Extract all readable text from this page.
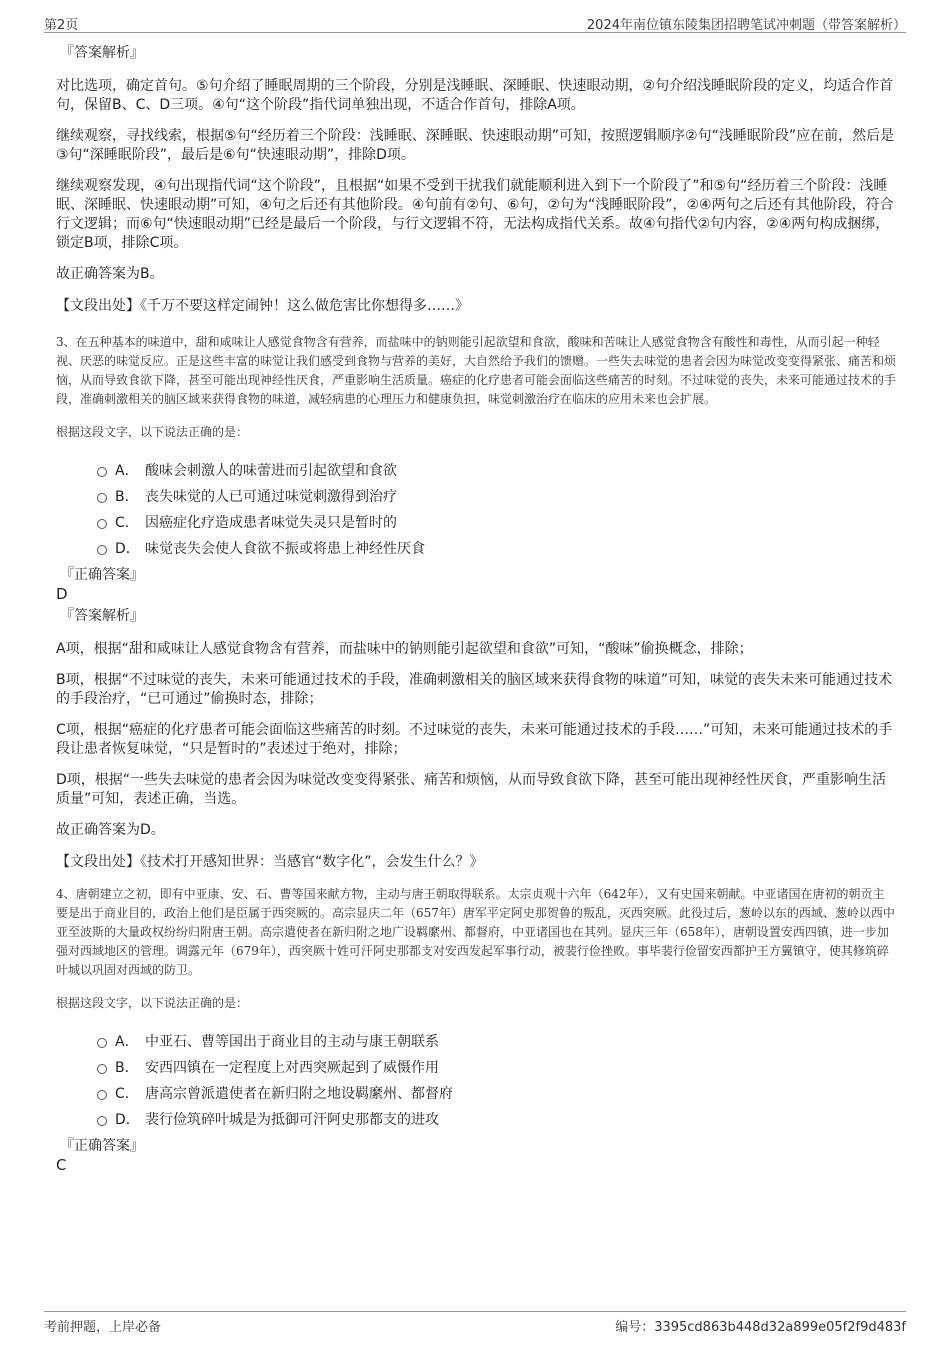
第2页	2024年南位镇东陵集团招聘笔试冲刺题（带答案解析）
『答案解析』

对比选项，确定首句。⑤句介绍了睡眠周期的三个阶段，分别是浅睡眠、深睡眠、快速眼动期，②句介绍浅睡眠阶段的定义，均适合作首句，保留B、C、D三项。④句“这个阶段”指代词单独出现，不适合作首句，排除A项。

继续观察，寻找线索，根据⑤句“经历着三个阶段：浅睡眠、深睡眠、快速眼动期”可知，按照逻辑顺序②句“浅睡眠阶段”应在前，然后是③句“深睡眠阶段”，最后是⑥句“快速眼动期”，排除D项。

继续观察发现，④句出现指代词“这个阶段”，且根据“如果不受到干扰我们就能顺利进入到下一个阶段了”和⑤句“经历着三个阶段：浅睡眠、深睡眠、快速眼动期”可知，④句之后还有其他阶段。④句前有②句、⑥句，②句为“浅睡眠阶段”，②④两句之后还有其他阶段，符合行文逻辑；而⑥句“快速眼动期”已经是最后一个阶段，与行文逻辑不符，无法构成指代关系。故④句指代②句内容，②④两句构成捆绑，锁定B项，排除C项。

故正确答案为B。

【文段出处】《千万不要这样定闹钟！这么做危害比你想得多……》

3、在五种基本的味道中，甜和咸味让人感觉食物含有营养，而盐味中的钠则能引起欲望和食欲，酸味和苦味让人感觉食物含有酸性和毒性，从而引起一种轻视、厌恶的味觉反应。正是这些丰富的味觉让我们感受到食物与营养的美好，大自然给予我们的馈赠。一些失去味觉的患者会因为味觉改变变得紧张、痛苦和烦恼，从而导致食欲下降，甚至可能出现神经性厌食，严重影响生活质量。癌症的化疗患者可能会面临这些痛苦的时刻。不过味觉的丧失，未来可能通过技术的手段，准确刺激相关的脑区域来获得食物的味道，减轻病患的心理压力和健康负担，味觉刺激治疗在临床的应用未来也会扩展。

根据这段文字，以下说法正确的是：

A． 酸味会刺激人的味蕾进而引起欲望和食欲
B． 丧失味觉的人已可通过味觉刺激得到治疗
C． 因癌症化疗造成患者味觉失灵只是暂时的
D． 味觉丧失会使人食欲不振或将患上神经性厌食
『正确答案』
D
『答案解析』

A项，根据“甜和咸味让人感觉食物含有营养，而盐味中的钠则能引起欲望和食欲”可知，“酸味”偷换概念，排除；

B项，根据“不过味觉的丧失，未来可能通过技术的手段，准确刺激相关的脑区域来获得食物的味道”可知，味觉的丧失未来可能通过技术的手段治疗，“已可通过”偷换时态，排除；

C项，根据“癌症的化疗患者可能会面临这些痛苦的时刻。不过味觉的丧失，未来可能通过技术的手段……”可知，未来可能通过技术的手段让患者恢复味觉，“只是暂时的”表述过于绝对，排除；

D项，根据“一些失去味觉的患者会因为味觉改变变得紧张、痛苦和烦恼，从而导致食欲下降，甚至可能出现神经性厌食，严重影响生活质量”可知，表述正确，当选。

故正确答案为D。

【文段出处】《技术打开感知世界：当感官“数字化”，会发生什么？》

4、唐朝建立之初，即有中亚康、安、石、曹等国来献方物，主动与唐王朝取得联系。太宗贞观十六年（642年），又有史国来朝献。中亚诸国在唐初的朝贡主要是出于商业目的，政治上他们是臣属于西突厥的。高宗显庆二年（657年）唐军平定阿史那贺鲁的叛乱，灭西突厥。此役过后，葱岭以东的西域、葱岭以西中亚至波斯的大量政权纷纷归附唐王朝。高宗遣使者在新归附之地广设羁縻州、都督府，中亚诸国也在其列。显庆三年（658年），唐朝设置安西四镇，进一步加强对西域地区的管理。调露元年（679年），西突厥十姓可汗阿史那都支对安西发起军事行动，被裴行俭挫败。事毕裴行俭留安西都护王方翼镇守，使其修筑碎叶城以巩固对西域的防卫。

根据这段文字，以下说法正确的是：

A． 中亚石、曹等国出于商业目的主动与康王朝联系
B． 安西四镇在一定程度上对西突厥起到了威慑作用
C． 唐高宗曾派遣使者在新归附之地设羁縻州、都督府
D． 裴行俭筑碎叶城是为抵御可汗阿史那都支的进攻
『正确答案』
C
考前押题，上岸必备	编号：3395cd863b448d32a899e05f2f9d483f
